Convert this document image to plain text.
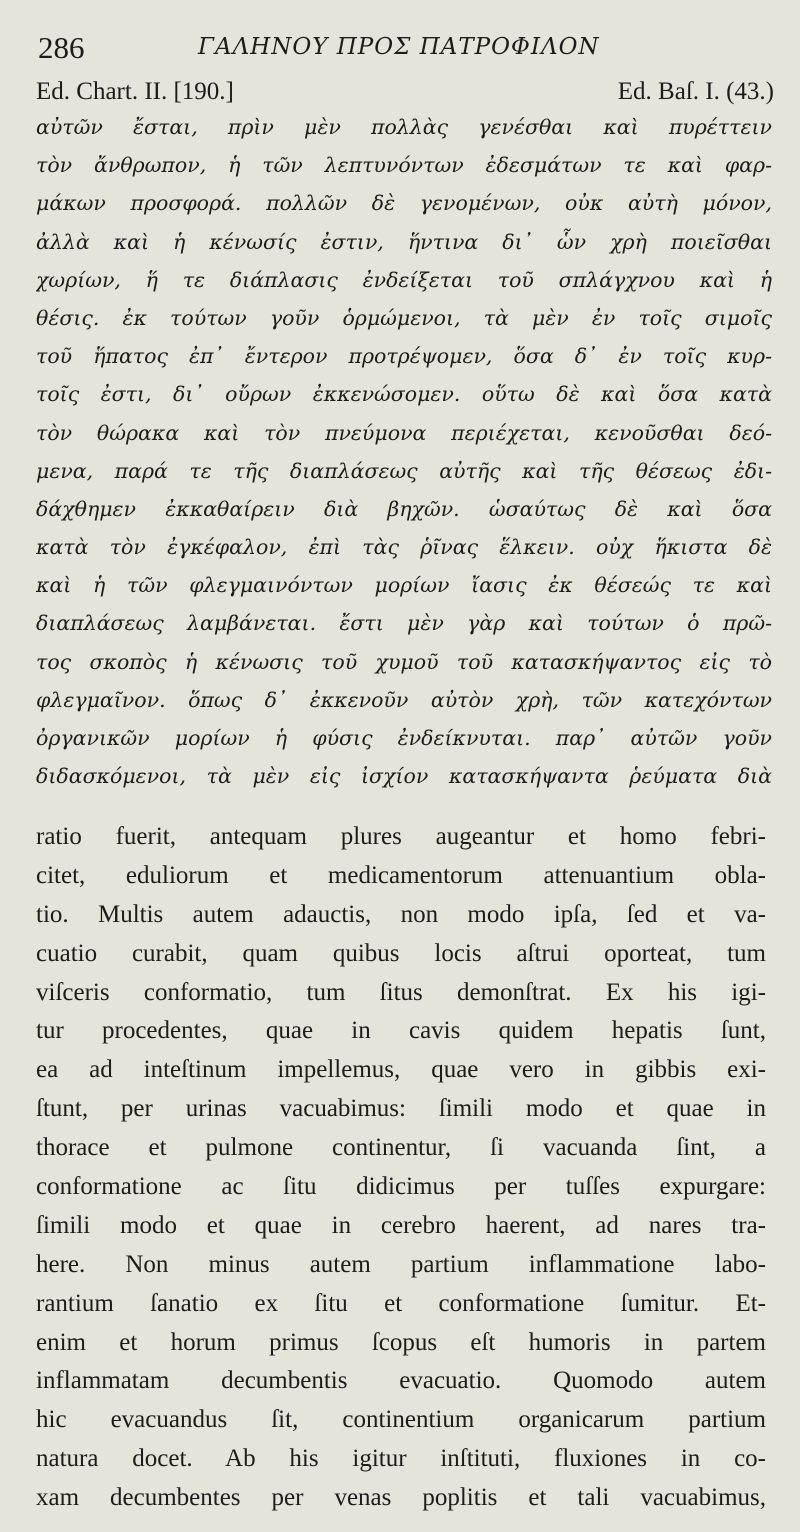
286	ΓΑΛΗΝΟΥ ΠΡΟΣ ΠΑΤΡΟΦΙΛΟΝ
Ed. Chart. II. [190.]	Ed. Baſ. I. (43.)
αὐτῶν ἔσται, πρὶν μὲν πολλὰς γενέσθαι καὶ πυρέττειν
τὸν ἄνθρωπον, ἡ τῶν λεπτυνόντων ἐδεσμάτων τε καὶ φαρ-
μάκων προσφορά. πολλῶν δὲ γενομένων, οὐκ αὐτὴ μόνον,
ἀλλὰ καὶ ἡ κένωσίς ἐστιν, ἥντινα δι᾽ ὧν χρὴ ποιεῖσθαι
χωρίων, ἥ τε διάπλασις ἐνδείξεται τοῦ σπλάγχνου καὶ ἡ
θέσις. ἐκ τούτων γοῦν ὁρμώμενοι, τὰ μὲν ἐν τοῖς σιμοῖς
τοῦ ἥπατος ἐπ᾽ ἔντερον προτρέψομεν, ὅσα δ᾽ ἐν τοῖς κυρ-
τοῖς ἐστι, δι᾽ οὔρων ἐκκενώσομεν. οὕτω δὲ καὶ ὅσα κατὰ
τὸν θώρακα καὶ τὸν πνεύμονα περιέχεται, κενοῦσθαι δεό-
μενα, παρά τε τῆς διαπλάσεως αὐτῆς καὶ τῆς θέσεως ἐδι-
δάχθημεν ἐκκαθαίρειν διὰ βηχῶν. ὡσαύτως δὲ καὶ ὅσα
κατὰ τὸν ἐγκέφαλον, ἐπὶ τὰς ῥῖνας ἕλκειν. οὐχ ἥκιστα δὲ
καὶ ἡ τῶν φλεγμαινόντων μορίων ἴασις ἐκ θέσεώς τε καὶ
διαπλάσεως λαμβάνεται. ἔστι μὲν γὰρ καὶ τούτων ὁ πρῶ-
τος σκοπὸς ἡ κένωσις τοῦ χυμοῦ τοῦ κατασκήψαντος εἰς τὸ
φλεγμαῖνον. ὅπως δ᾽ ἐκκενοῦν αὐτὸν χρὴ, τῶν κατεχόντων
ὀργανικῶν μορίων ἡ φύσις ἐνδείκνυται. παρ᾽ αὐτῶν γοῦν
διδασκόμενοι, τὰ μὲν εἰς ἰσχίον κατασκήψαντα ῥεύματα διὰ
ratio fuerit, antequam plures augeantur et homo febri-
citet, eduliorum et medicamentorum attenuantium obla-
tio. Multis autem adauctis, non modo ipſa, ſed et va-
cuatio curabit, quam quibus locis aſtrui oporteat, tum
viſceris conformatio, tum ſitus demonſtrat. Ex his igi-
tur procedentes, quae in cavis quidem hepatis ſunt,
ea ad inteſtinum impellemus, quae vero in gibbis exi-
ſtunt, per urinas vacuabimus: ſimili modo et quae in
thorace et pulmone continentur, ſi vacuanda ſint, a
conformatione ac ſitu didicimus per tuſſes expurgare:
ſimili modo et quae in cerebro haerent, ad nares tra-
here. Non minus autem partium inflammatione labo-
rantium ſanatio ex ſitu et conformatione ſumitur. Et-
enim et horum primus ſcopus eſt humoris in partem
inflammatam decumbentis evacuatio. Quomodo autem
hic evacuandus ſit, continentium organicarum partium
natura docet. Ab his igitur inſtituti, fluxiones in co-
xam decumbentes per venas poplitis et tali vacuabimus,
